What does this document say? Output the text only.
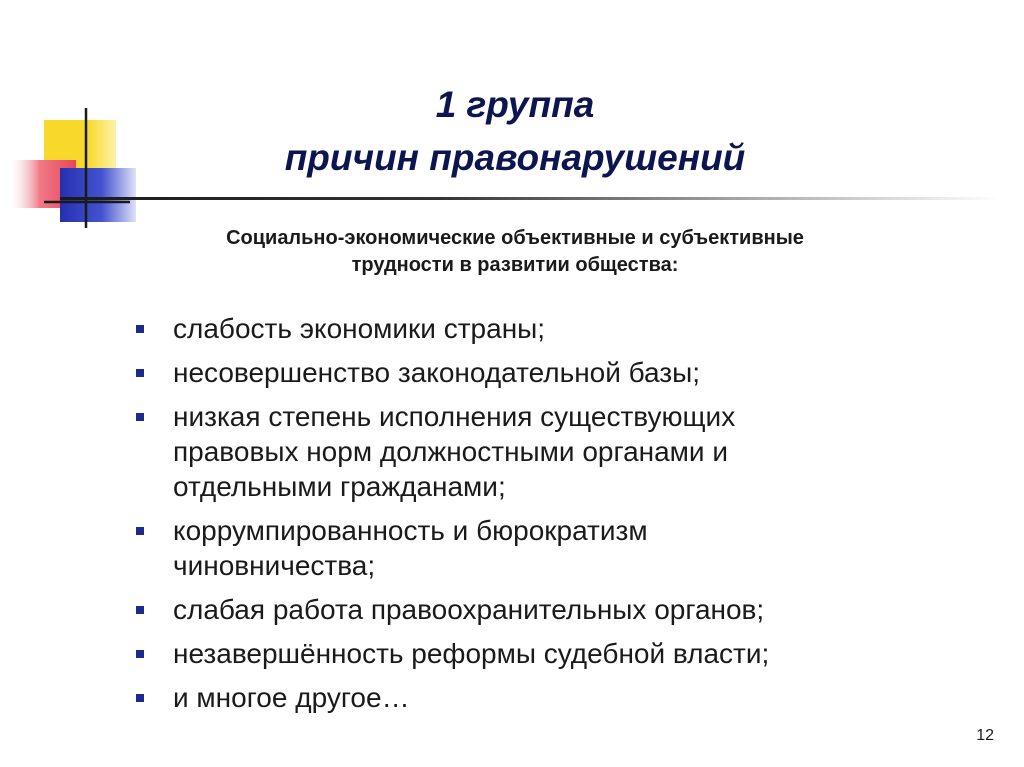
1 группа
причин правонарушений
Социально-экономические объективные и субъективные
трудности в развитии общества:
слабость экономики страны;
несовершенство законодательной базы;
низкая степень исполнения существующих
правовых норм должностными органами и
отдельными гражданами;
коррумпированность и бюрократизм
чиновничества;
слабая работа правоохранительных органов;
незавершённость реформы судебной власти;
и многое другое…
12
